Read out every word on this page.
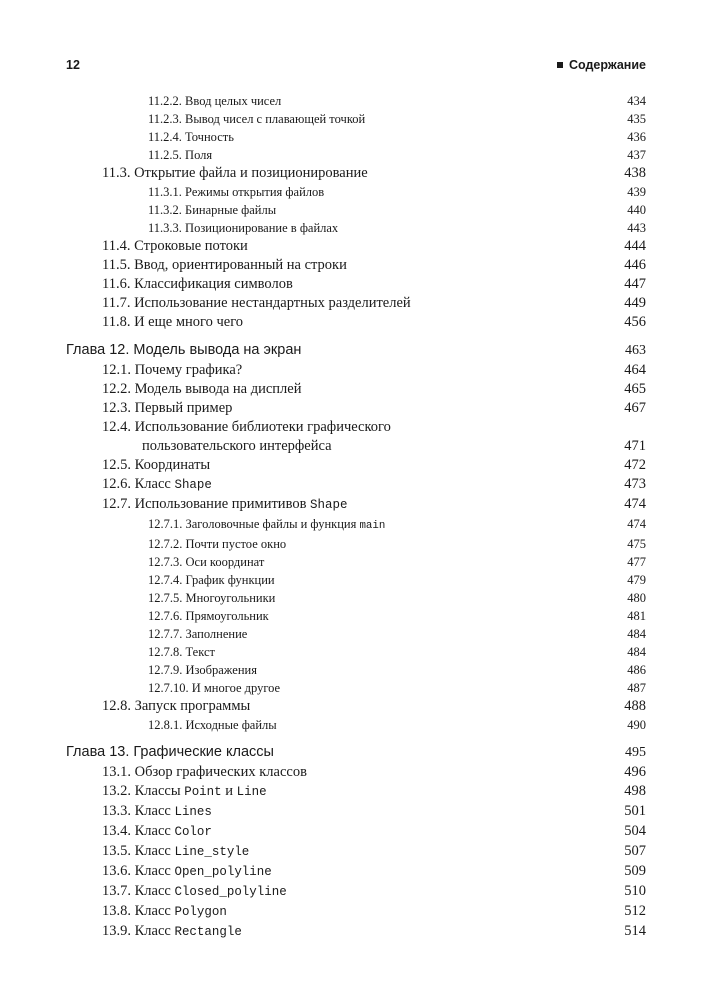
12	Содержание
11.2.2. Ввод целых чисел	434
11.2.3. Вывод чисел с плавающей точкой	435
11.2.4. Точность	436
11.2.5. Поля	437
11.3. Открытие файла и позиционирование	438
11.3.1. Режимы открытия файлов	439
11.3.2. Бинарные файлы	440
11.3.3. Позиционирование в файлах	443
11.4. Строковые потоки	444
11.5. Ввод, ориентированный на строки	446
11.6. Классификация символов	447
11.7. Использование нестандартных разделителей	449
11.8. И еще много чего	456
Глава 12. Модель вывода на экран	463
12.1. Почему графика?	464
12.2. Модель вывода на дисплей	465
12.3. Первый пример	467
12.4. Использование библиотеки графического
пользовательского интерфейса	471
12.5. Координаты	472
12.6. Класс Shape	473
12.7. Использование примитивов Shape	474
12.7.1. Заголовочные файлы и функция main	474
12.7.2. Почти пустое окно	475
12.7.3. Оси координат	477
12.7.4. График функции	479
12.7.5. Многоугольники	480
12.7.6. Прямоугольник	481
12.7.7. Заполнение	484
12.7.8. Текст	484
12.7.9. Изображения	486
12.7.10. И многое другое	487
12.8. Запуск программы	488
12.8.1. Исходные файлы	490
Глава 13. Графические классы	495
13.1. Обзор графических классов	496
13.2. Классы Point и Line	498
13.3. Класс Lines	501
13.4. Класс Color	504
13.5. Класс Line_style	507
13.6. Класс Open_polyline	509
13.7. Класс Closed_polyline	510
13.8. Класс Polygon	512
13.9. Класс Rectangle	514
